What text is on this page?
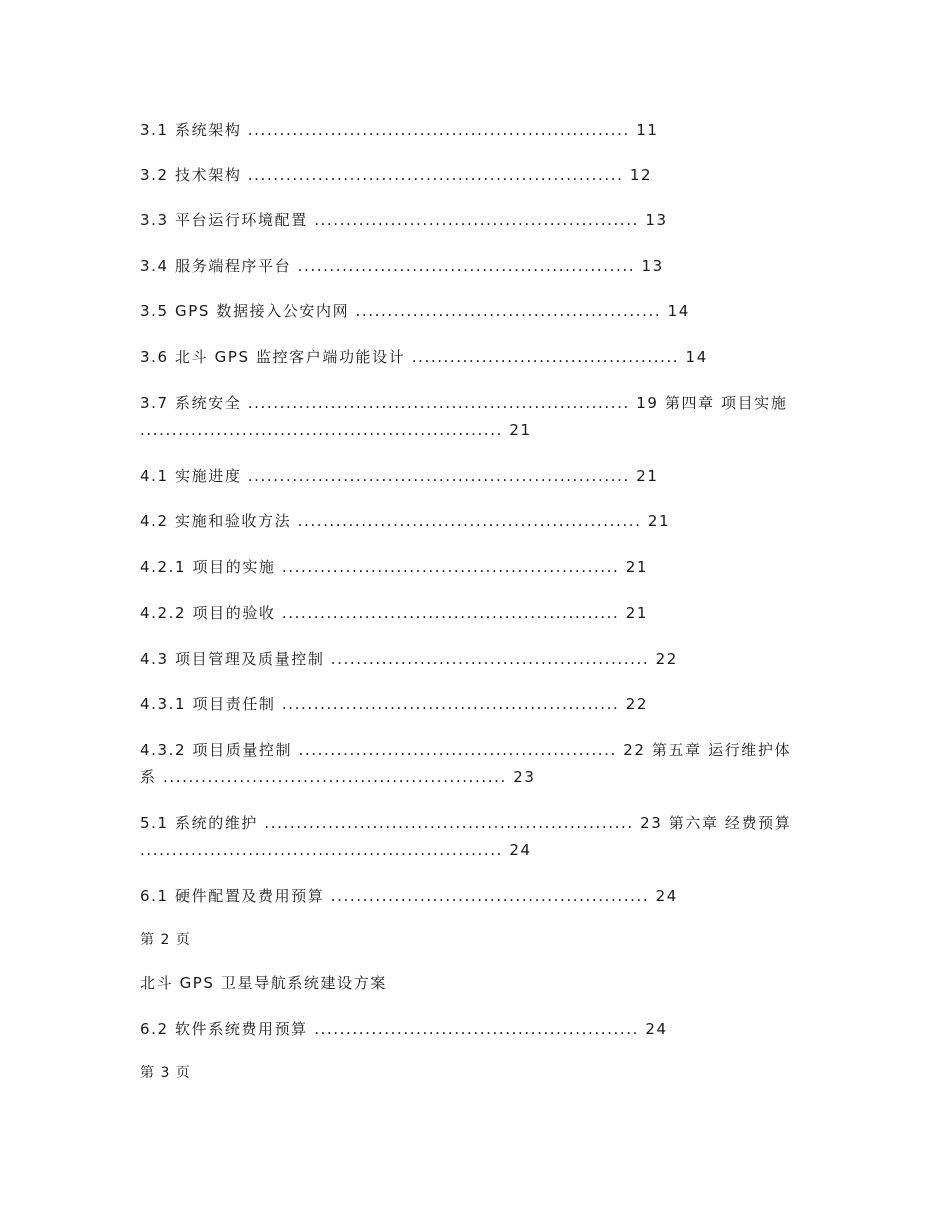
3.1 系统架构 ............................................................ 11
3.2 技术架构 ........................................................... 12
3.3 平台运行环境配置 ................................................... 13
3.4 服务端程序平台 ..................................................... 13
3.5 GPS 数据接入公安内网 ................................................ 14
3.6 北斗 GPS 监控客户端功能设计 .......................................... 14
3.7 系统安全 ............................................................ 19 第四章 项目实施
......................................................... 21
4.1 实施进度 ............................................................ 21
4.2 实施和验收方法 ...................................................... 21
4.2.1 项目的实施 ..................................................... 21
4.2.2 项目的验收 ..................................................... 21
4.3 项目管理及质量控制 .................................................. 22
4.3.1 项目责任制 ..................................................... 22
4.3.2 项目质量控制 .................................................. 22 第五章 运行维护体
系 ...................................................... 23
5.1 系统的维护 .......................................................... 23 第六章 经费预算
......................................................... 24
6.1 硬件配置及费用预算 .................................................. 24
第 2 页
北斗 GPS 卫星导航系统建设方案
6.2 软件系统费用预算 ................................................... 24
第 3 页
